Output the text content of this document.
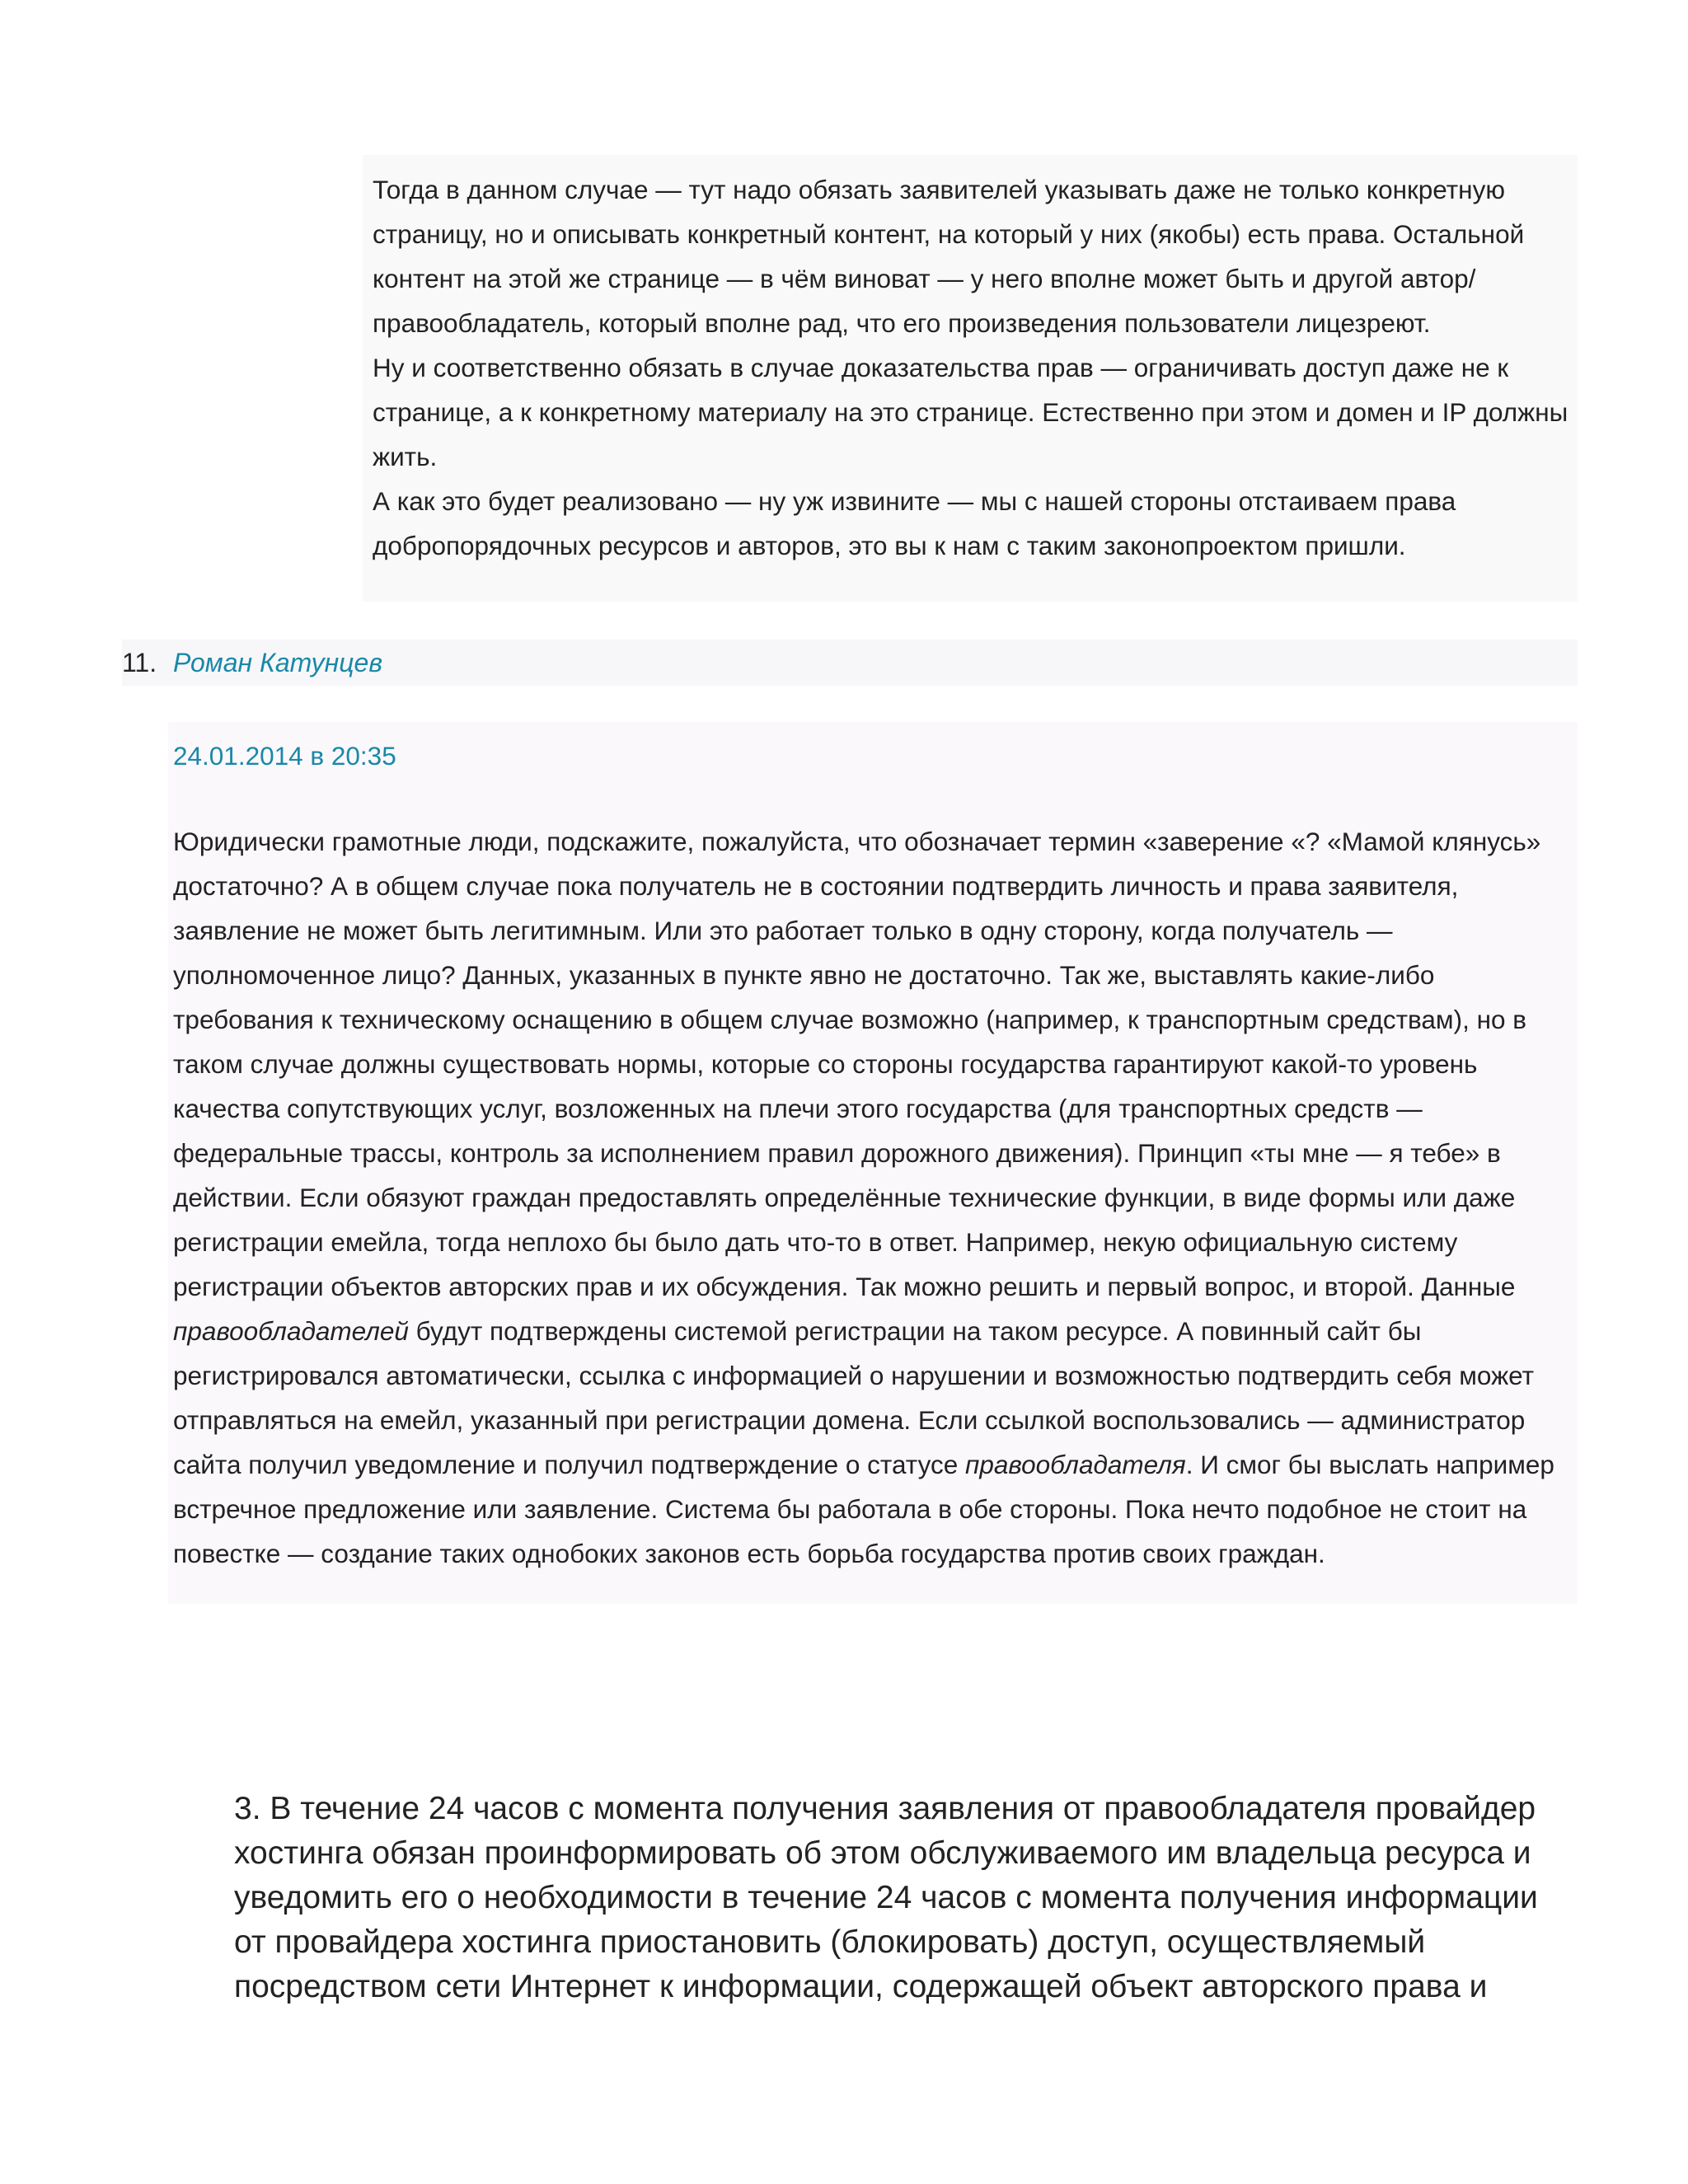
Тогда в данном случае — тут надо обязать заявителей указывать даже не только конкретную страницу, но и описывать конкретный контент, на который у них (якобы) есть права. Остальной контент на этой же странице — в чём виноват — у него вполне может быть и другой автор/правообладатель, который вполне рад, что его произведения пользователи лицезреют.

Ну и соответственно обязать в случае доказательства прав — ограничивать доступ даже не к странице, а к конкретному материалу на это странице. Естественно при этом и домен и IP должны жить.

А как это будет реализовано — ну уж извините — мы с нашей стороны отстаиваем права добропорядочных ресурсов и авторов, это вы к нам с таким законопроектом пришли.

11. Роман Катунцев
24.01.2014 в 20:35

Юридически грамотные люди, подскажите, пожалуйста, что обозначает термин «заверение «? «Мамой клянусь» достаточно? А в общем случае пока получатель не в состоянии подтвердить личность и права заявителя, заявление не может быть легитимным. Или это работает только в одну сторону, когда получатель — уполномоченное лицо? Данных, указанных в пункте явно не достаточно. Так же, выставлять какие-либо требования к техническому оснащению в общем случае возможно (например, к транспортным средствам), но в таком случае должны существовать нормы, которые со стороны государства гарантируют какой-то уровень качества сопутствующих услуг, возложенных на плечи этого государства (для транспортных средств — федеральные трассы, контроль за исполнением правил дорожного движения). Принцип «ты мне — я тебе» в действии. Если обязуют граждан предоставлять определённые технические функции, в виде формы или даже регистрации емейла, тогда неплохо бы было дать что-то в ответ. Например, некую официальную систему регистрации объектов авторских прав и их обсуждения. Так можно решить и первый вопрос, и второй. Данные правообладателей будут подтверждены системой регистрации на таком ресурсе. А повинный сайт бы регистрировался автоматически, ссылка с информацией о нарушении и возможностью подтвердить себя может отправляться на емейл, указанный при регистрации домена. Если ссылкой воспользовались — администратор сайта получил уведомление и получил подтверждение о статусе правообладателя. И смог бы выслать например встречное предложение или заявление. Система бы работала в обе стороны. Пока нечто подобное не стоит на повестке — создание таких однобоких законов есть борьба государства против своих граждан.

3. В течение 24 часов с момента получения заявления от правообладателя провайдер хостинга обязан проинформировать об этом обслуживаемого им владельца ресурса и уведомить его о необходимости в течение 24 часов с момента получения информации от провайдера хостинга приостановить (блокировать) доступ, осуществляемый посредством сети Интернет к информации, содержащей объект авторского права и
